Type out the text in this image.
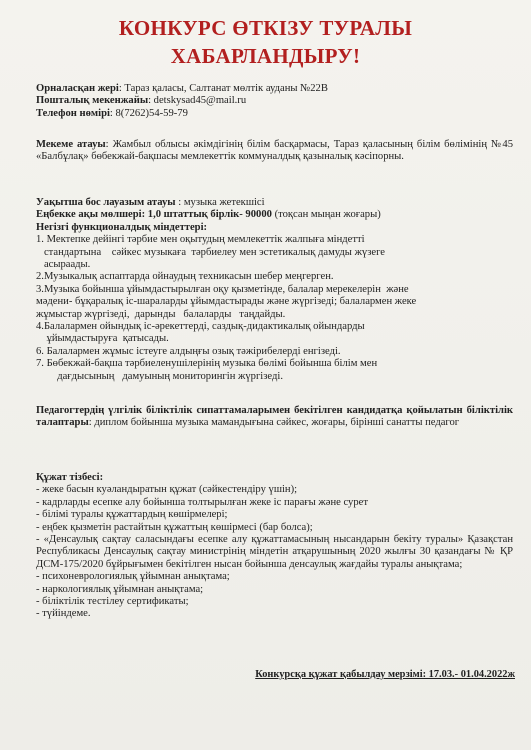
КОНКУРС ӨТКІЗУ ТУРАЛЫ
ХАБАРЛАНДЫРУ!
Орналасқан жері: Тараз қаласы, Салтанат мөлтік ауданы №22В
Пошталық мекенжайы: detskysad45@mail.ru
Телефон нөмірі: 8(7262)54-59-79
Мекеме атауы: Жамбыл облысы әкімдігінің білім басқармасы, Тараз қаласының білім бөлімінің №45 «Балбұлақ» бөбекжай-бақшасы мемлекеттік коммуналдық қазыналық кәсіпорны.
Уақытша бос лауазым атауы : музыка жетекшісі
Еңбекке ақы мөлшері: 1,0 штаттық бірлік- 90000 (тоқсан мыңан жоғары)
Негізгі функционалдық міндеттері:
1. Мектепке дейінгі тәрбие мен оқытудың мемлекеттік жалпыға міндетті
стандартына    сәйкес музыкаға  тәрбиелеу мен эстетикалық дамуды жүзеге
асыраады.
2.Музыкалық аспаптарда ойнаудың техникасын шебер меңгерген.
3.Музыка бойынша ұйымдастырылған оқу қызметінде, балалар мерекелерін  және
мәдени- бұқаралық іс-шараларды ұйымдастырады және жүргізеді; балалармен жеке
жұмыстар жүргізеді,  дарынды   балаларды   таңдайды.
4.Балалармен ойындық іс-әрекеттерді, саздық-дидактикалық ойындарды
ұйымдастыруға  қатысады.
6. Балалармен жұмыс істеуге алдыңғы озық тәжірибелерді енгізеді.
7. Бөбекжай-бақша тәрбиеленушілерінің музыка бөлімі бойынша білім мен
дағдысының   дамуының мониторингін жүргізеді.
Педагогтердің үлгілік біліктілік сипаттамаларымен бекітілген кандидатқа қойылатын біліктілік талаптары: диплом бойынша музыка мамандығына сәйкес, жоғары, бірінші санатты педагог
Құжат тізбесі:
- жеке басын куәландыратын құжат (сәйкестендіру үшін);
- кадрларды есепке алу бойынша толтырылған жеке іс парағы және сурет
- білімі туралы құжаттардың көшірмелері;
- еңбек қызметін растайтын құжаттың көшірмесі (бар болса);
- «Денсаулық сақтау саласындағы есепке алу құжаттамасының нысандарын бекіту туралы» Қазақстан Республикасы Денсаулық сақтау министрінің міндетін атқарушының 2020 жылғы 30 қазандағы № ҚР ДСМ-175/2020 бұйрығымен бекітілген нысан бойынша денсаулық жағдайы туралы анықтама;
- психоневрологиялық ұйымнан анықтама;
- наркологиялық ұйымнан анықтама;
- біліктілік тестілеу сертификаты;
- түйіндеме.
Конкурсқа құжат қабылдау мерзімі: 17.03.- 01.04.2022ж
